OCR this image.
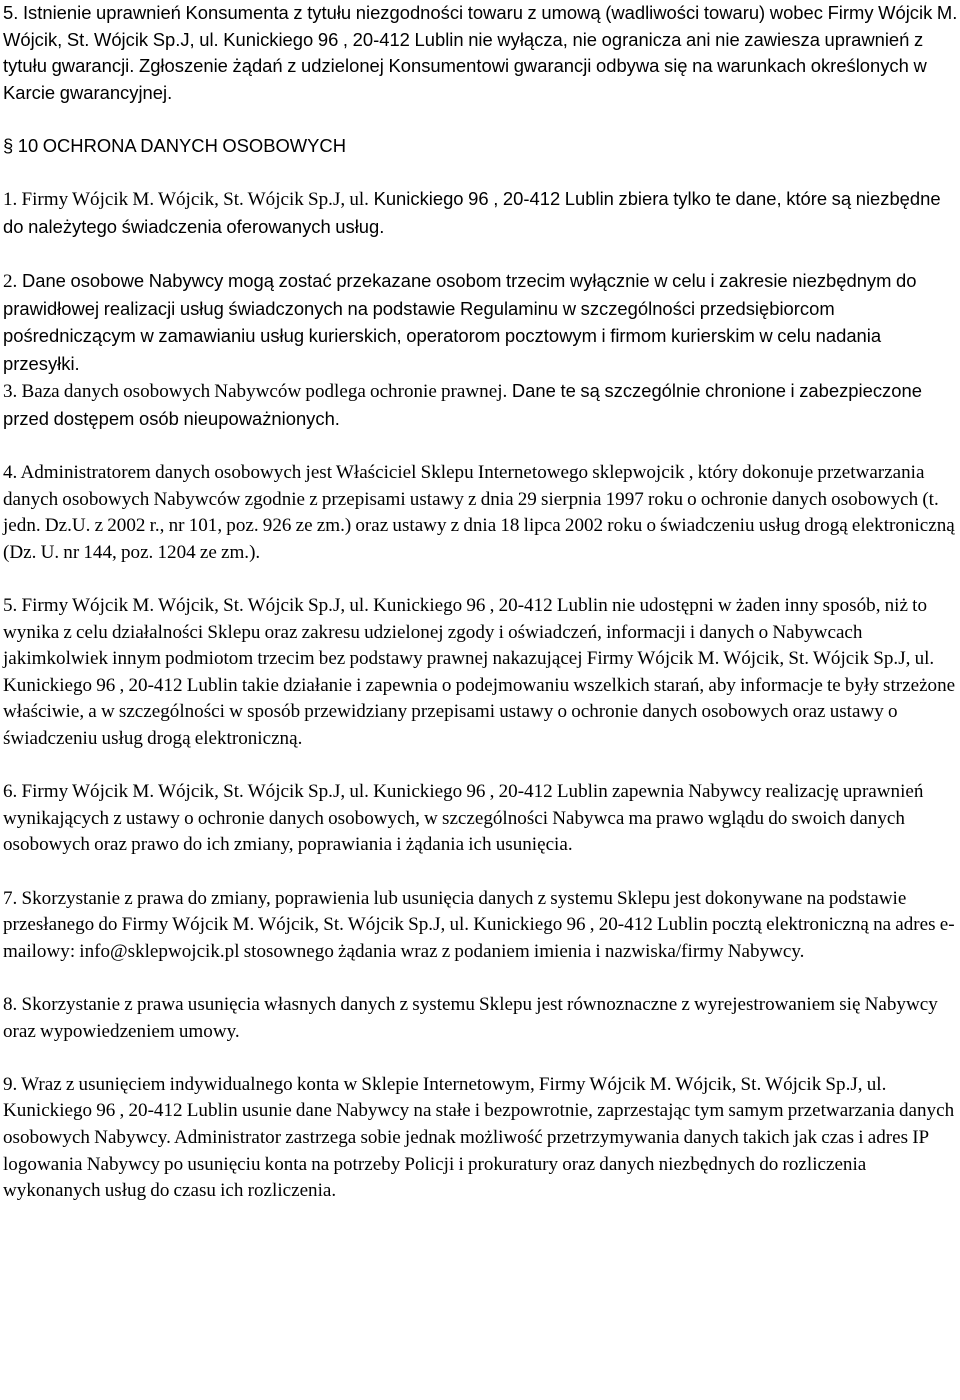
5. Istnienie uprawnień Konsumenta z tytułu niezgodności towaru z umową (wadliwości towaru) wobec Firmy Wójcik M. Wójcik, St. Wójcik Sp.J, ul. Kunickiego 96 , 20-412 Lublin nie wyłącza, nie ogranicza ani nie zawiesza uprawnień z tytułu gwarancji. Zgłoszenie żądań z udzielonej Konsumentowi gwarancji odbywa się na warunkach określonych w Karcie gwarancyjnej.

§ 10 OCHRONA DANYCH OSOBOWYCH

1. Firmy Wójcik M. Wójcik, St. Wójcik Sp.J, ul. Kunickiego 96 , 20-412 Lublin zbiera tylko te dane, które są niezbędne do należytego świadczenia oferowanych usług.

2. Dane osobowe Nabywcy mogą zostać przekazane osobom trzecim wyłącznie w celu i zakresie niezbędnym do prawidłowej realizacji usług świadczonych na podstawie Regulaminu w szczególności przedsiębiorcom pośredniczącym w zamawianiu usług kurierskich, operatorom pocztowym i firmom kurierskim w celu nadania przesyłki.

3. Baza danych osobowych Nabywców podlega ochronie prawnej. Dane te są szczególnie chronione i zabezpieczone przed dostępem osób nieupoważnionych.

4. Administratorem danych osobowych jest Właściciel Sklepu Internetowego sklepwojcik , który dokonuje przetwarzania danych osobowych Nabywców zgodnie z przepisami ustawy z dnia 29 sierpnia 1997 roku o ochronie danych osobowych (t. jedn. Dz.U. z 2002 r., nr 101, poz. 926 ze zm.) oraz ustawy z dnia 18 lipca 2002 roku o świadczeniu usług drogą elektroniczną (Dz. U. nr 144, poz. 1204 ze zm.).

5. Firmy Wójcik M. Wójcik, St. Wójcik Sp.J, ul. Kunickiego 96 , 20-412 Lublin nie udostępni w żaden inny sposób, niż to wynika z celu działalności Sklepu oraz zakresu udzielonej zgody i oświadczeń, informacji i danych o Nabywcach jakimkolwiek innym podmiotom trzecim bez podstawy prawnej nakazującej Firmy Wójcik M. Wójcik, St. Wójcik Sp.J, ul. Kunickiego 96 , 20-412 Lublin takie działanie i zapewnia o podejmowaniu wszelkich starań, aby informacje te były strzeżone właściwie, a w szczególności w sposób przewidziany przepisami ustawy o ochronie danych osobowych oraz ustawy o świadczeniu usług drogą elektroniczną.

6. Firmy Wójcik M. Wójcik, St. Wójcik Sp.J, ul. Kunickiego 96 , 20-412 Lublin zapewnia Nabywcy realizację uprawnień wynikających z ustawy o ochronie danych osobowych, w szczególności Nabywca ma prawo wglądu do swoich danych osobowych oraz prawo do ich zmiany, poprawiania i żądania ich usunięcia.

7. Skorzystanie z prawa do zmiany, poprawienia lub usunięcia danych z systemu Sklepu jest dokonywane na podstawie przesłanego do Firmy Wójcik M. Wójcik, St. Wójcik Sp.J, ul. Kunickiego 96 , 20-412 Lublin pocztą elektroniczną na adres e-mailowy: info@sklepwojcik.pl stosownego żądania wraz z podaniem imienia i nazwiska/firmy Nabywcy.

8. Skorzystanie z prawa usunięcia własnych danych z systemu Sklepu jest równoznaczne z wyrejestrowaniem się Nabywcy oraz wypowiedzeniem umowy.

9. Wraz z usunięciem indywidualnego konta w Sklepie Internetowym, Firmy Wójcik M. Wójcik, St. Wójcik Sp.J, ul. Kunickiego 96 , 20-412 Lublin usunie dane Nabywcy na stałe i bezpowrotnie, zaprzestając tym samym przetwarzania danych osobowych Nabywcy. Administrator zastrzega sobie jednak możliwość przetrzymywania danych takich jak czas i adres IP logowania Nabywcy po usunięciu konta na potrzeby Policji i prokuratury oraz danych niezbędnych do rozliczenia wykonanych usług do czasu ich rozliczenia.
